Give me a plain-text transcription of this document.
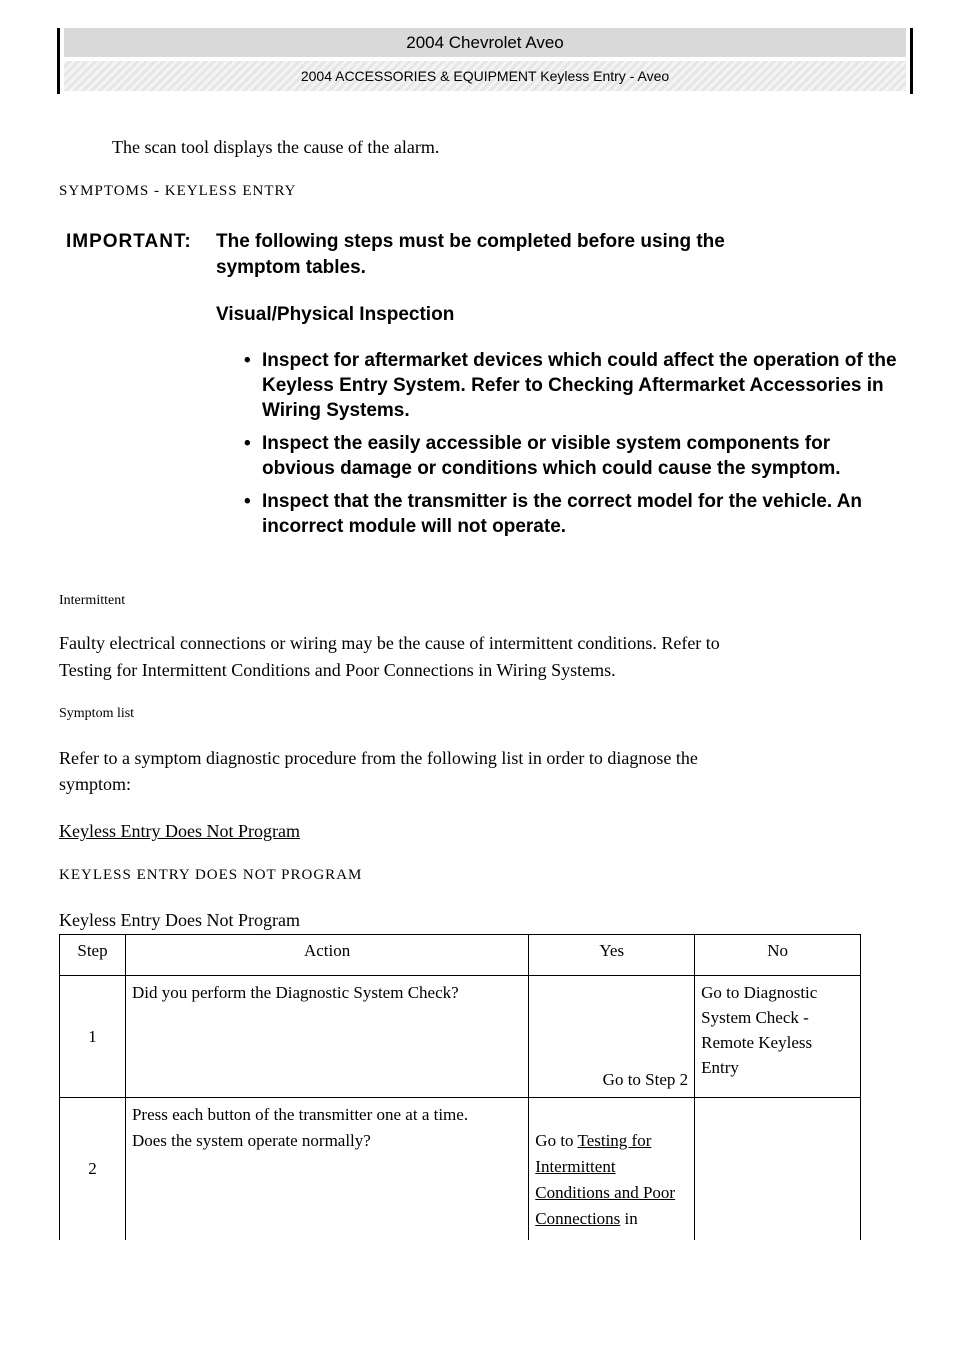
2004 Chevrolet Aveo
2004 ACCESSORIES & EQUIPMENT Keyless Entry - Aveo
The scan tool displays the cause of the alarm.
SYMPTOMS - KEYLESS ENTRY
IMPORTANT: The following steps must be completed before using the
symptom tables.
Visual/Physical Inspection
• Inspect for aftermarket devices which could affect the operation of the Keyless Entry System. Refer to Checking Aftermarket Accessories in Wiring Systems.
• Inspect the easily accessible or visible system components for obvious damage or conditions which could cause the symptom.
• Inspect that the transmitter is the correct model for the vehicle. An incorrect module will not operate.
Intermittent
Faulty electrical connections or wiring may be the cause of intermittent conditions. Refer to
Testing for Intermittent Conditions and Poor Connections in Wiring Systems.
Symptom list
Refer to a symptom diagnostic procedure from the following list in order to diagnose the
symptom:
Keyless Entry Does Not Program
KEYLESS ENTRY DOES NOT PROGRAM
Keyless Entry Does Not Program
Step	Action	Yes	No
1	Did you perform the Diagnostic System Check?	Go to Step 2	Go to Diagnostic System Check - Remote Keyless Entry
2	Press each button of the transmitter one at a time.
Does the system operate normally?	Go to Testing for Intermittent Conditions and Poor Connections in	
